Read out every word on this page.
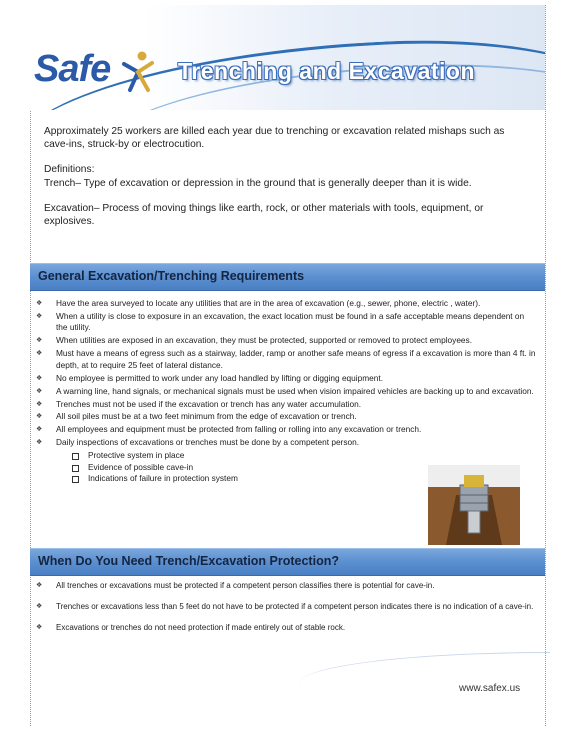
Safe	Trenching and Excavation

Approximately 25 workers are killed each year due to trenching or excavation related mishaps such as cave-ins, struck-by or electrocution.

Definitions:

Trench– Type of excavation or depression in the ground that is generally deeper than it is wide.

Excavation– Process of moving things like earth, rock, or other materials with tools, equipment, or explosives.

General Excavation/Trenching Requirements
❖ Have the area surveyed to locate any utilities that are in the area of excavation (e.g., sewer, phone, electric , water).
❖ When a utility is close to exposure in an excavation, the exact location must be found in a safe acceptable means dependent on the utility.
❖ When utilities are exposed in an excavation, they must be protected, supported or removed to protect employees.
❖ Must have a means of egress such as a stairway, ladder, ramp or another safe means of egress if a excavation is more than 4 ft. in depth, at to require 25 feet of lateral distance.
❖ No employee is permitted to work under any load handled by lifting or digging equipment.
❖ A warning line, hand signals, or mechanical signals must be used when vision impaired vehicles are backing up to and excavation.
❖ Trenches must not be used if the excavation or trench has any water accumulation.
❖ All soil piles must be at a two feet minimum from the edge of excavation or trench.
❖ All employees and equipment must be protected from falling or rolling into any excavation or trench.
❖ Daily inspections of excavations or trenches must be done by a competent person.
Protective system in place
Evidence of possible cave-in
Indications of failure in protection system
When Do You Need Trench/Excavation Protection?
❖ All trenches or excavations must be protected if a competent person classifies there is potential for cave-in.
❖ Trenches or excavations less than 5 feet do not have to be protected if a competent person indicates there is no indication of a cave-in.
❖ Excavations or trenches do not need protection if made entirely out of stable rock.
www.safex.us
